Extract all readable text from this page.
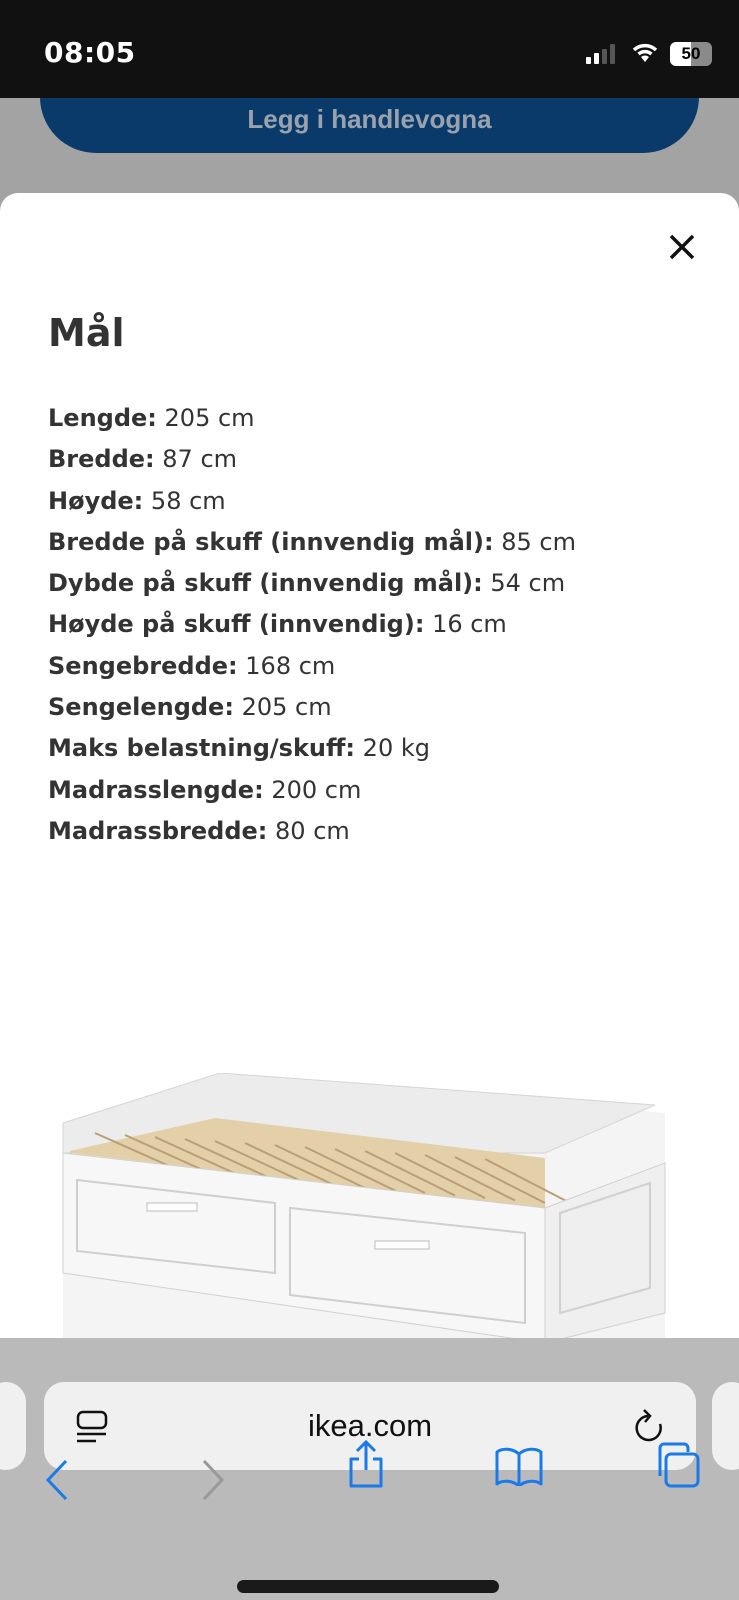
08:05	50
Legg i handlevogna
Mål
Lengde: 205 cm
Bredde: 87 cm
Høyde: 58 cm
Bredde på skuff (innvendig mål): 85 cm
Dybde på skuff (innvendig mål): 54 cm
Høyde på skuff (innvendig): 16 cm
Sengebredde: 168 cm
Sengelengde: 205 cm
Maks belastning/skuff: 20 kg
Madrasslengde: 200 cm
Madrassbredde: 80 cm
ikea.com
